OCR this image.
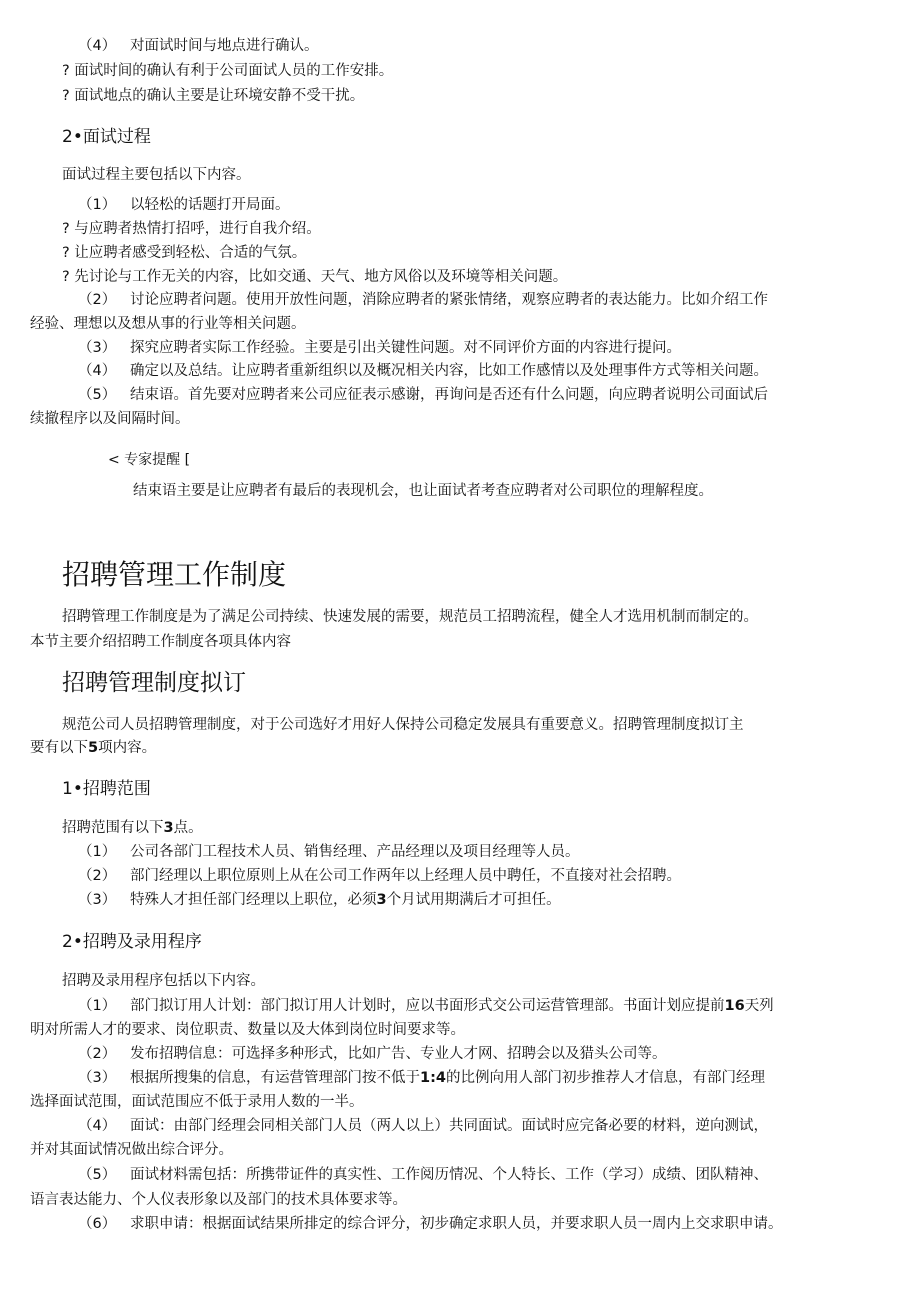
（4） 对面试时间与地点进行确认。
? 面试时间的确认有利于公司面试人员的工作安排。
? 面试地点的确认主要是让环境安静不受干扰。
2•面试过程
面试过程主要包括以下内容。
（1） 以轻松的话题打开局面。
? 与应聘者热情打招呼，进行自我介绍。
? 让应聘者感受到轻松、合适的气氛。
? 先讨论与工作无关的内容，比如交通、天气、地方风俗以及环境等相关问题。
（2） 讨论应聘者问题。使用开放性问题，消除应聘者的紧张情绪，观察应聘者的表达能力。比如介绍工作
经验、理想以及想从事的行业等相关问题。
（3） 探究应聘者实际工作经验。主要是引出关键性问题。对不同评价方面的内容进行提问。
（4） 确定以及总结。让应聘者重新组织以及概况相关内容，比如工作感情以及处理事件方式等相关问题。
（5） 结束语。首先要对应聘者来公司应征表示感谢，再询问是否还有什么问题，向应聘者说明公司面试后
续撤程序以及间隔时间。
< 专家提醒 [
结束语主要是让应聘者有最后的表现机会，也让面试者考查应聘者对公司职位的理解程度。
招聘管理工作制度
招聘管理工作制度是为了满足公司持续、快速发展的需要，规范员工招聘流程，健全人才选用机制而制定的。
本节主要介绍招聘工作制度各项具体内容
招聘管理制度拟订
规范公司人员招聘管理制度，对于公司选好才用好人保持公司稳定发展具有重要意义。招聘管理制度拟订主
要有以下5项内容。
1•招聘范围
招聘范围有以下3点。
（1） 公司各部门工程技术人员、销售经理、产品经理以及项目经理等人员。
（2） 部门经理以上职位原则上从在公司工作两年以上经理人员中聘任，不直接对社会招聘。
（3） 特殊人才担任部门经理以上职位，必须3个月试用期满后才可担任。
2•招聘及录用程序
招聘及录用程序包括以下内容。
（1） 部门拟订用人计划：部门拟订用人计划时，应以书面形式交公司运营管理部。书面计划应提前16天列
明对所需人才的要求、岗位职责、数量以及大体到岗位时间要求等。
（2） 发布招聘信息：可选择多种形式，比如广告、专业人才网、招聘会以及猎头公司等。
（3） 根据所搜集的信息，有运营管理部门按不低于1:4的比例向用人部门初步推荐人才信息，有部门经理
选择面试范围，面试范围应不低于录用人数的一半。
（4） 面试：由部门经理会同相关部门人员（两人以上）共同面试。面试时应完备必要的材料，逆向测试，
并对其面试情况做出综合评分。
（5） 面试材料需包括：所携带证件的真实性、工作阅历情况、个人特长、工作（学习）成绩、团队精神、
语言表达能力、个人仪表形象以及部门的技术具体要求等。
（6） 求职申请：根据面试结果所排定的综合评分，初步确定求职人员，并要求职人员一周内上交求职申请。
